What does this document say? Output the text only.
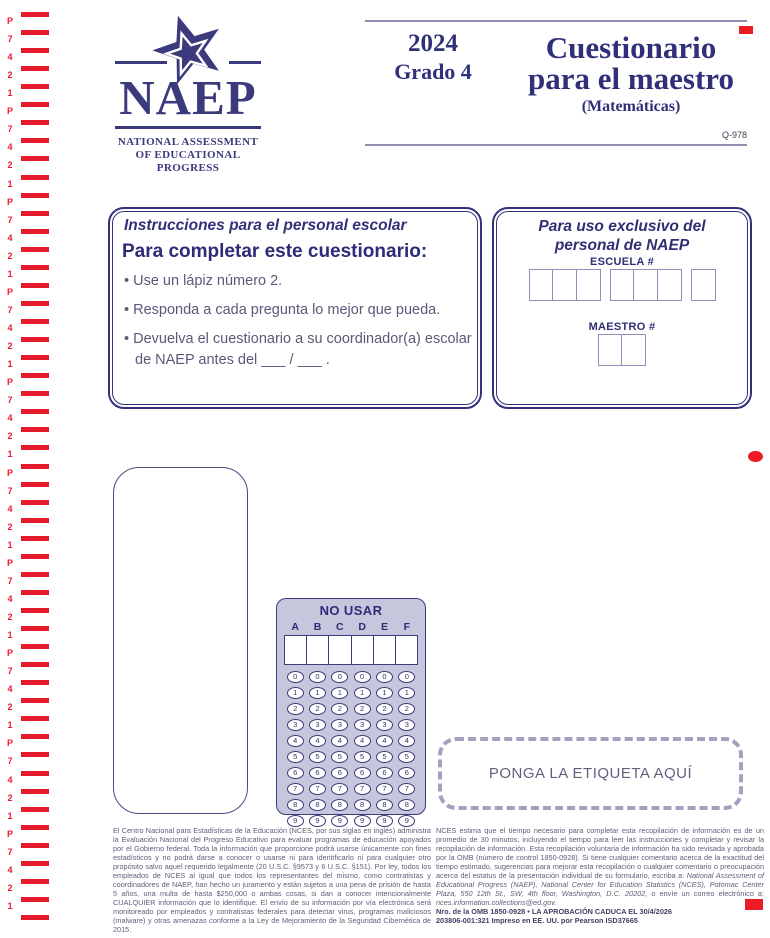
P
7
4
2
1
P
7
4
2
1
P
7
4
2
1
P
7
4
2
1
P
7
4
2
1
P
7
4
2
1
P
7
4
2
1
P
7
4
2
1
P
7
4
2
1
P
7
4
2
1
2024
Grado 4
Cuestionario
para el maestro
(Matemáticas)
Q-978
NAEP
NATIONAL ASSESSMENT
OF EDUCATIONAL
PROGRESS
Instrucciones para el personal escolar
Para completar este cuestionario:
• Use un lápiz número 2.
• Responda a cada pregunta lo mejor que pueda.
• Devuelva el cuestionario a su coordinador(a) escolar de NAEP antes del ___ / ___ .
Para uso exclusivo del
personal de NAEP
ESCUELA #
MAESTRO #
NO USAR
A	B	C	D	E	F
0	0	0	0	0	0
1	1	1	1	1	1
2	2	2	2	2	2
3	3	3	3	3	3
4	4	4	4	4	4
5	5	5	5	5	5
6	6	6	6	6	6
7	7	7	7	7	7
8	8	8	8	8	8
9	9	9	9	9	9
PONGA LA ETIQUETA AQUÍ
El Centro Nacional para Estadísticas de la Educación (NCES, por sus siglas en inglés) administra la Evaluación Nacional del Progreso Educativo para evaluar programas de educación apoyados por el Gobierno federal. Toda la información que proporcione podrá usarse únicamente con fines estadísticos y no podrá darse a conocer o usarse ni para identificarlo ni para cualquier otro propósito salvo aquel requerido legalmente (20 U.S.C. §9573 y 6 U.S.C. §151). Por ley, todos los empleados de NCES al igual que todos los representantes del mismo, como contratistas y coordinadores de NAEP, han hecho un juramento y están sujetos a una pena de prisión de hasta 5 años, una multa de hasta $250,000 o ambas cosas, si dan a conocer intencionalmente CUALQUIER información que lo identifique. El envío de su información por vía electrónica será monitoreado por empleados y contratistas federales para detectar virus, programas maliciosos (malware) y otras amenazas conforme a la Ley de Mejoramiento de la Seguridad Cibernética de 2015.
NCES estima que el tiempo necesario para completar esta recopilación de información es de un promedio de 30 minutos, incluyendo el tiempo para leer las instrucciones y completar y revisar la recopilación de información. Esta recopilación voluntaria de información ha sido revisada y aprobada por la OMB (número de control 1850-0928). Si tiene cualquier comentario acerca de la exactitud del tiempo estimado, sugerencias para mejorar esta recopilación o cualquier comentario o preocupación acerca del estatus de la presentación individual de su formulario, escriba a: National Assessment of Educational Progress (NAEP), National Center for Education Statistics (NCES), Potomac Center Plaza, 550 12th St., SW, 4th floor, Washington, D.C. 20202, o envíe un correo electrónico a: nces.information.collections@ed.gov.
Nro. de la OMB 1850-0928 • LA APROBACIÓN CADUCA EL 30/4/2026
203806-001:321 Impreso en EE. UU. por Pearson ISD37665
